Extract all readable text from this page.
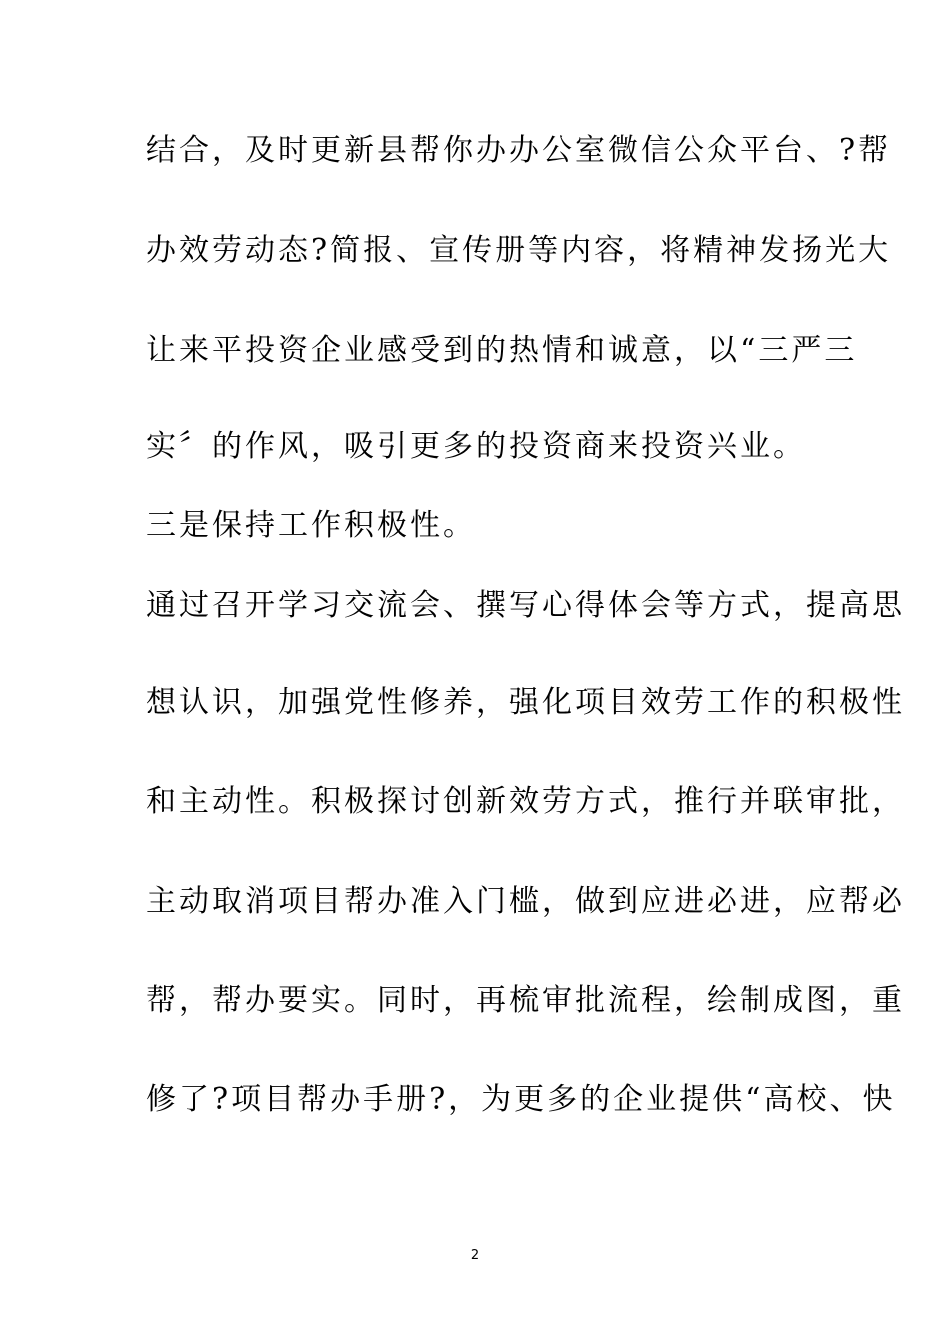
结合，及时更新县帮你办办公室微信公众平台、?帮
办效劳动态?简报、宣传册等内容，将精神发扬光大
让来平投资企业感受到的热情和诚意，以“三严三
实〞的作风，吸引更多的投资商来投资兴业。
三是保持工作积极性。
通过召开学习交流会、撰写心得体会等方式，提高思
想认识，加强党性修养，强化项目效劳工作的积极性
和主动性。积极探讨创新效劳方式，推行并联审批，
主动取消项目帮办准入门槛，做到应进必进，应帮必
帮，帮办要实。同时，再梳审批流程，绘制成图，重
修了?项目帮办手册?，为更多的企业提供“高校、快
2
